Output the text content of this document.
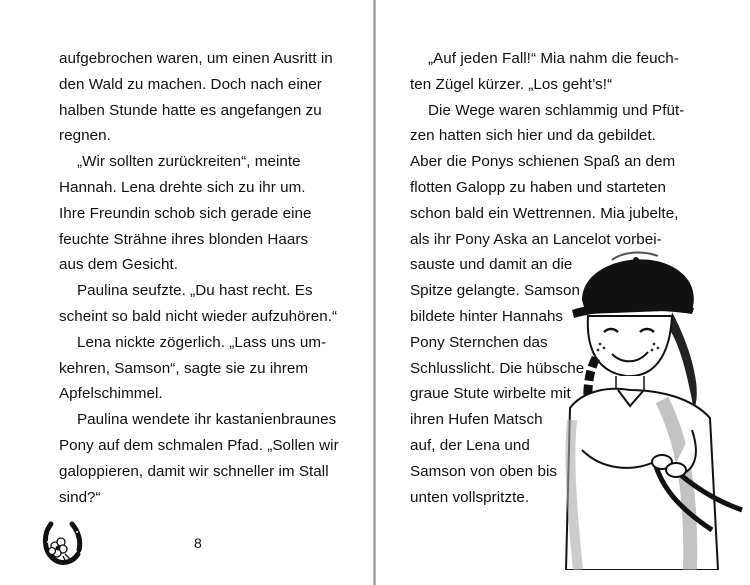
aufgebrochen waren, um einen Ausritt in
den Wald zu machen. Doch nach einer
halben Stunde hatte es angefangen zu
regnen.
„Wir sollten zurückreiten“, meinte
Hannah. Lena drehte sich zu ihr um.
Ihre Freundin schob sich gerade eine
feuchte Strähne ihres blonden Haars
aus dem Gesicht.
Paulina seufzte. „Du hast recht. Es
scheint so bald nicht wieder aufzuhören.“
Lena nickte zögerlich. „Lass uns um-
kehren, Samson“, sagte sie zu ihrem
Apfelschimmel.
Paulina wendete ihr kastanienbraunes
Pony auf dem schmalen Pfad. „Sollen wir
galoppieren, damit wir schneller im Stall
sind?“
8
„Auf jeden Fall!“ Mia nahm die feuch-
ten Zügel kürzer. „Los geht’s!“
Die Wege waren schlammig und Pfüt-
zen hatten sich hier und da gebildet.
Aber die Ponys schienen Spaß an dem
flotten Galopp zu haben und starteten
schon bald ein Wettrennen. Mia jubelte,
als ihr Pony Aska an Lancelot vorbei-
sauste und damit an die
Spitze gelangte. Samson
bildete hinter Hannahs
Pony Sternchen das
Schlusslicht. Die hübsche
graue Stute wirbelte mit
ihren Hufen Matsch
auf, der Lena und
Samson von oben bis
unten vollspritzte.
